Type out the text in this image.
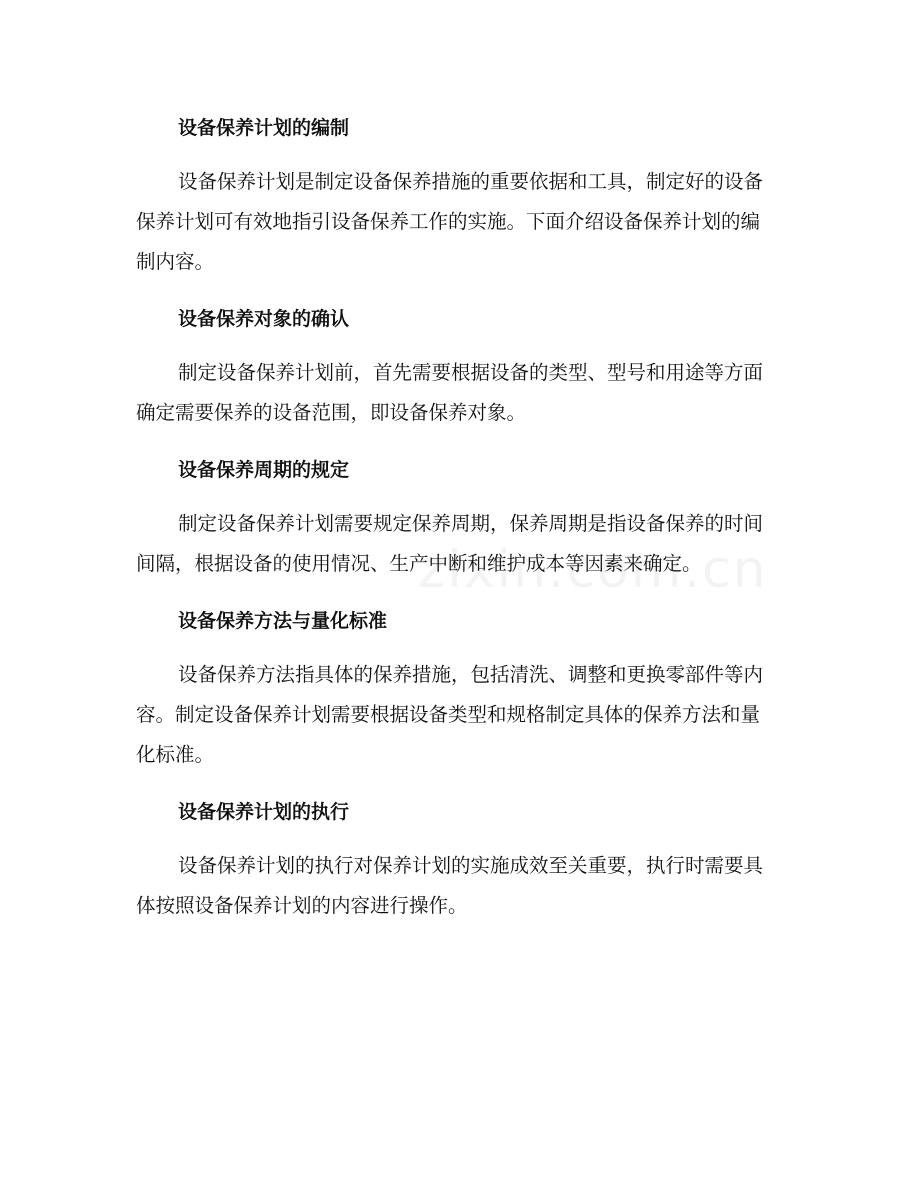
设备保养计划的编制
设备保养计划是制定设备保养措施的重要依据和工具，制定好的设备保养计划可有效地指引设备保养工作的实施。下面介绍设备保养计划的编制内容。
设备保养对象的确认
制定设备保养计划前，首先需要根据设备的类型、型号和用途等方面确定需要保养的设备范围，即设备保养对象。
设备保养周期的规定
制定设备保养计划需要规定保养周期，保养周期是指设备保养的时间间隔，根据设备的使用情况、生产中断和维护成本等因素来确定。
设备保养方法与量化标准
设备保养方法指具体的保养措施，包括清洗、调整和更换零部件等内容。制定设备保养计划需要根据设备类型和规格制定具体的保养方法和量化标准。
设备保养计划的执行
设备保养计划的执行对保养计划的实施成效至关重要，执行时需要具体按照设备保养计划的内容进行操作。
